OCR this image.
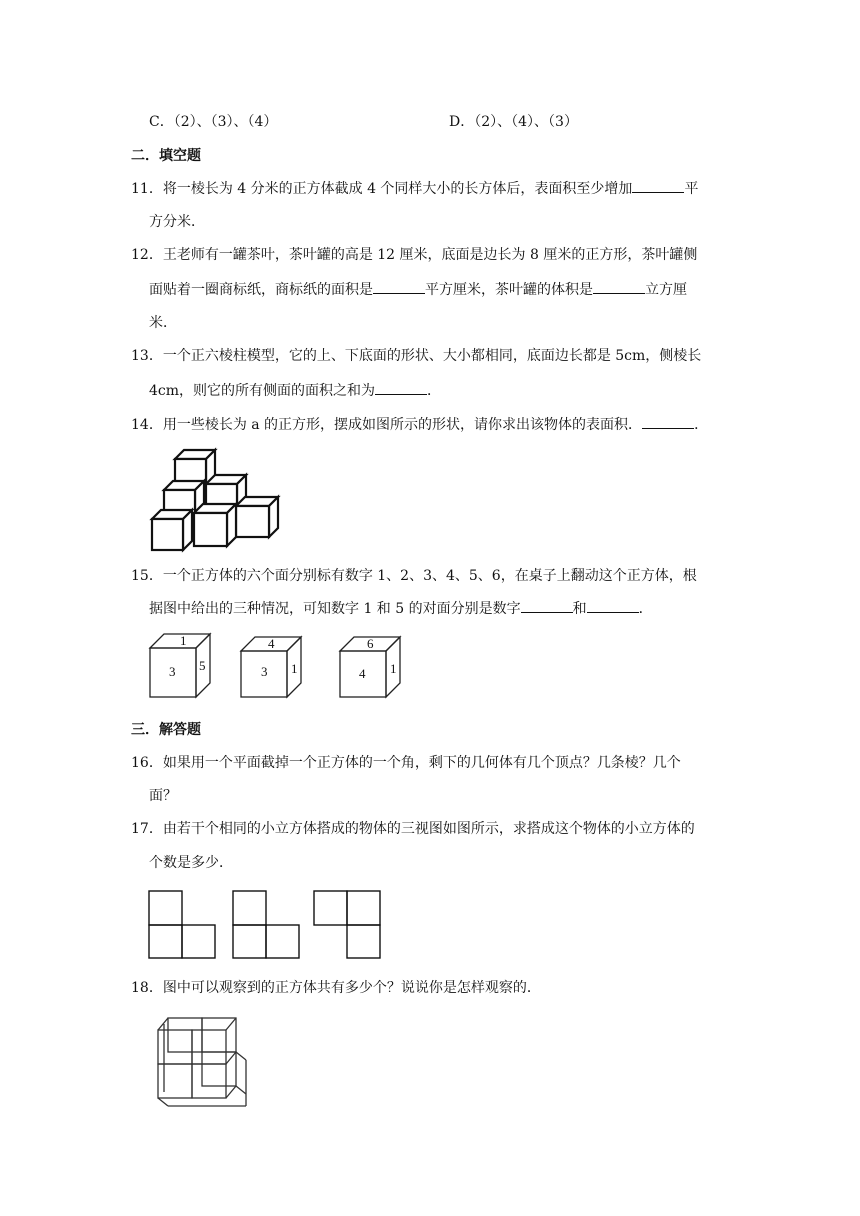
C．（2）、（3）、（4）	D．（2）、（4）、（3）
二．填空题
11．将一棱长为 4 分米的正方体截成 4 个同样大小的长方体后，表面积至少增加	平
方分米．
12．王老师有一罐茶叶，茶叶罐的高是 12 厘米，底面是边长为 8 厘米的正方形，茶叶罐侧
面贴着一圈商标纸，商标纸的面积是	平方厘米，茶叶罐的体积是	立方厘
米．
13．一个正六棱柱模型，它的上、下底面的形状、大小都相同，底面边长都是 5cm，侧棱长
4cm，则它的所有侧面的面积之和为	．
14．用一些棱长为 a 的正方形，摆成如图所示的形状，请你求出该物体的表面积．	．
15．一个正方体的六个面分别标有数字 1、2、3、4、5、6，在桌子上翻动这个正方体，根
据图中给出的三种情况，可知数字 1 和 5 的对面分别是数字	和	．
1
3 5
4
3 1
6
4 1
三．解答题
16．如果用一个平面截掉一个正方体的一个角，剩下的几何体有几个顶点？几条棱？几个
面？
17．由若干个相同的小立方体搭成的物体的三视图如图所示，求搭成这个物体的小立方体的
个数是多少．
18．图中可以观察到的正方体共有多少个？说说你是怎样观察的．
